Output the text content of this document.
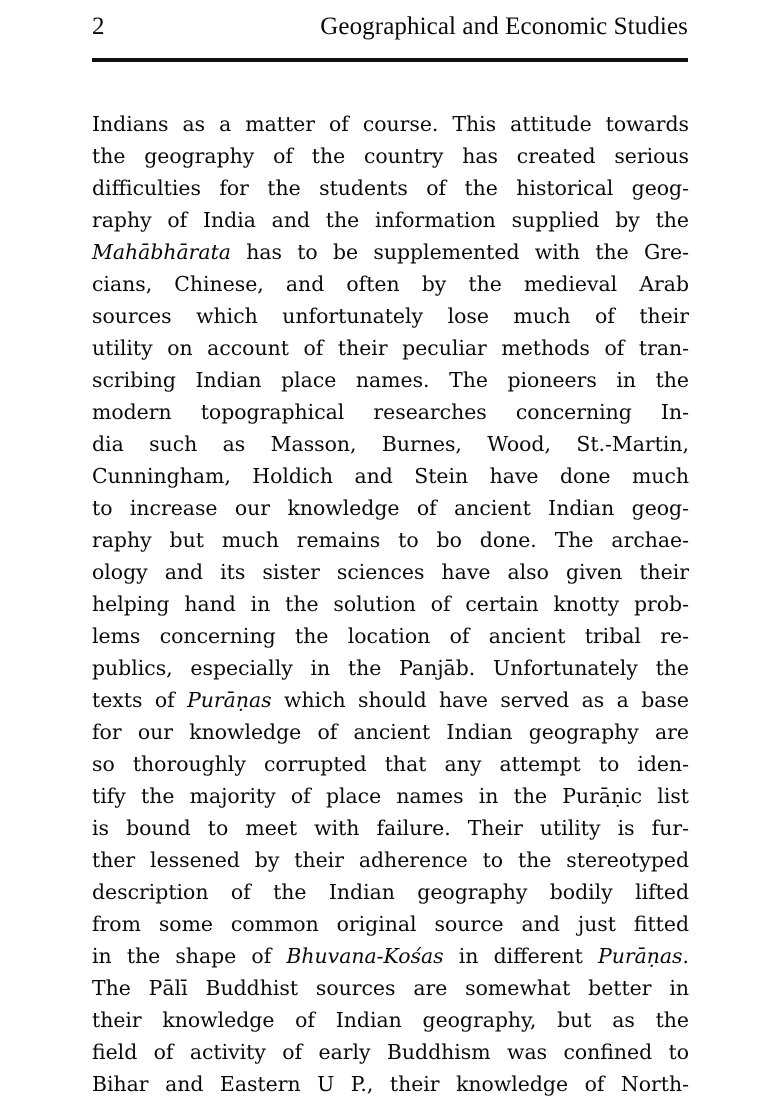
2	Geographical and Economic Studies
Indians as a matter of course. This attitude towards
the geography of the country has created serious
difficulties for the students of the historical geog-
raphy of India and the information supplied by the
Mahābhārata has to be supplemented with the Gre-
cians, Chinese, and often by the medieval Arab
sources which unfortunately lose much of their
utility on account of their peculiar methods of tran-
scribing Indian place names. The pioneers in the
modern topographical researches concerning In-
dia such as Masson, Burnes, Wood, St.-Martin,
Cunningham, Holdich and Stein have done much
to increase our knowledge of ancient Indian geog-
raphy but much remains to bo done. The archae-
ology and its sister sciences have also given their
helping hand in the solution of certain knotty prob-
lems concerning the location of ancient tribal re-
publics, especially in the Panjāb. Unfortunately the
texts of Purāṇas which should have served as a base
for our knowledge of ancient Indian geography are
so thoroughly corrupted that any attempt to iden-
tify the majority of place names in the Purāṇic list
is bound to meet with failure. Their utility is fur-
ther lessened by their adherence to the stereotyped
description of the Indian geography bodily lifted
from some common original source and just fitted
in the shape of Bhuvana-Kośas in different Purāṇas.
The Pālī Buddhist sources are somewhat better in
their knowledge of Indian geography, but as the
field of activity of early Buddhism was confined to
Bihar and Eastern U P., their knowledge of North-
